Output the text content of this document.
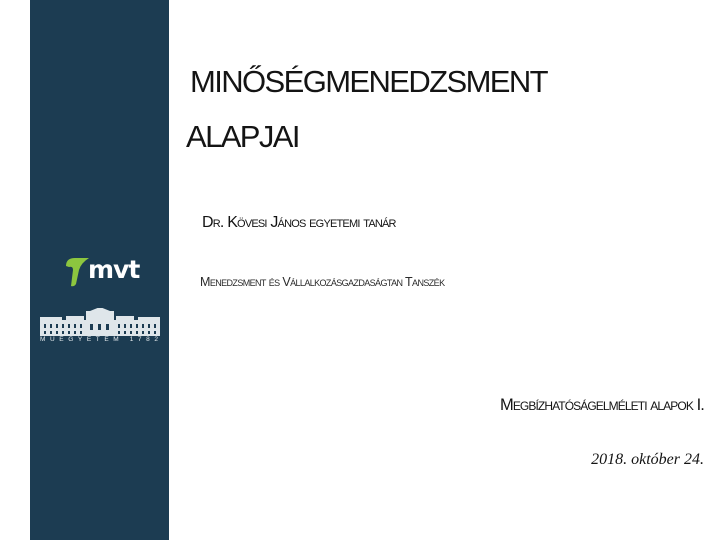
mvt
MŰEGYETEM 1782
MINŐSÉGMENEDZSMENT
ALAPJAI
Dr. Kövesi János egyetemi tanár
Menedzsment és Vállalkozásgazdaságtan Tanszék
Megbízhatóságelméleti alapok I.
2018. október 24.
